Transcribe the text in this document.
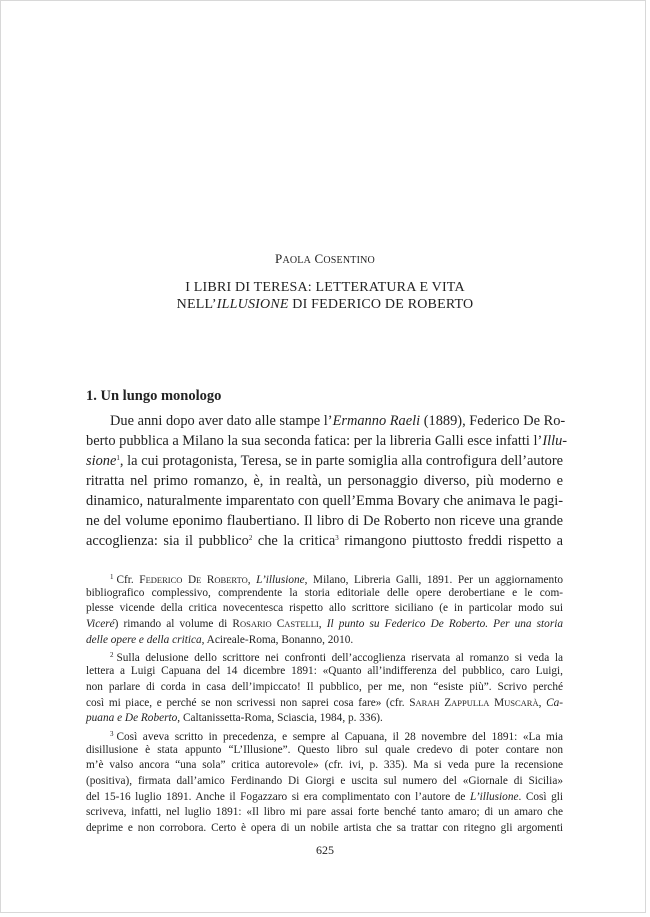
PAOLA COSENTINO
I LIBRI DI TERESA: LETTERATURA E VITA
NELL’ILLUSIONE DI FEDERICO DE ROBERTO
1. Un lungo monologo
Due anni dopo aver dato alle stampe l’Ermanno Raeli (1889), Federico De Ro-
berto pubblica a Milano la sua seconda fatica: per la libreria Galli esce infatti l’Illu-
sione$^1$, la cui protagonista, Teresa, se in parte somiglia alla controfigura dell’autore
ritratta nel primo romanzo, è, in realtà, un personaggio diverso, più moderno e
dinamico, naturalmente imparentato con quell’Emma Bovary che animava le pagi-
ne del volume eponimo flaubertiano. Il libro di De Roberto non riceve una grande
accoglienza: sia il pubblico$^2$ che la critica$^3$ rimangono piuttosto freddi rispetto a
$^1$ Cfr. FEDERICO DE ROBERTO, L’illusione, Milano, Libreria Galli, 1891. Per un aggiornamento
bibliografico complessivo, comprendente la storia editoriale delle opere derobertiane e le com-
plesse vicende della critica novecentesca rispetto allo scrittore siciliano (e in particolar modo sui
Viceré) rimando al volume di ROSARIO CASTELLI, Il punto su Federico De Roberto. Per una storia
delle opere e della critica, Acireale-Roma, Bonanno, 2010.
$^2$ Sulla delusione dello scrittore nei confronti dell’accoglienza riservata al romanzo si veda la
lettera a Luigi Capuana del 14 dicembre 1891: «Quanto all’indifferenza del pubblico, caro Luigi,
non parlare di corda in casa dell’impiccato! Il pubblico, per me, non “esiste più”. Scrivo perché
così mi piace, e perché se non scrivessi non saprei cosa fare» (cfr. SARAH ZAPPULLA MUSCARÀ, Ca-
puana e De Roberto, Caltanissetta-Roma, Sciascia, 1984, p. 336).
$^3$ Così aveva scritto in precedenza, e sempre al Capuana, il 28 novembre del 1891: «La mia
disillusione è stata appunto “L’Illusione”. Questo libro sul quale credevo di poter contare non
m’è valso ancora “una sola” critica autorevole» (cfr. ivi, p. 335). Ma si veda pure la recensione
(positiva), firmata dall’amico Ferdinando Di Giorgi e uscita sul numero del «Giornale di Sicilia»
del 15-16 luglio 1891. Anche il Fogazzaro si era complimentato con l’autore de L’illusione. Così gli
scriveva, infatti, nel luglio 1891: «Il libro mi pare assai forte benché tanto amaro; di un amaro che
deprime e non corrobora. Certo è opera di un nobile artista che sa trattar con ritegno gli argomenti
625
